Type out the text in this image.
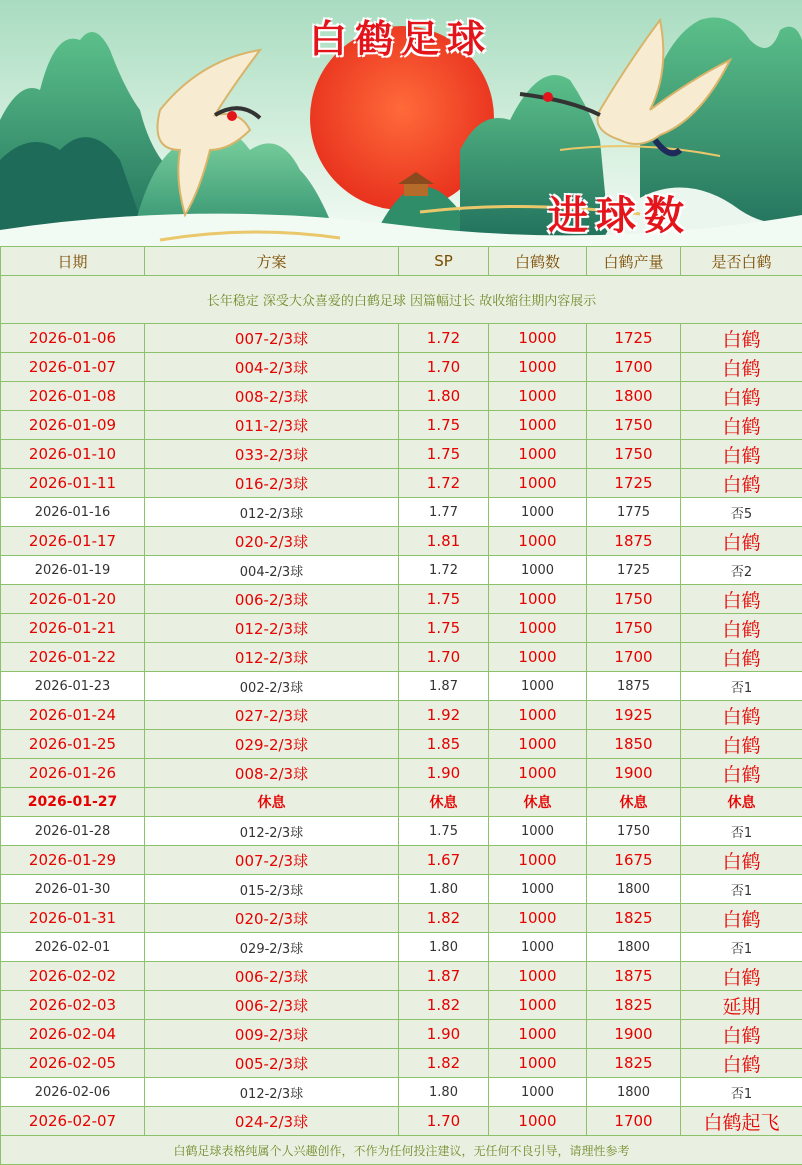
白鹤足球
进球数
日期	方案	SP	白鹤数	白鹤产量	是否白鹤
长年稳定 深受大众喜爱的白鹤足球 因篇幅过长 故收缩往期内容展示					
2026-01-06	007-2/3球	1.72	1000	1725	白鹤
2026-01-07	004-2/3球	1.70	1000	1700	白鹤
2026-01-08	008-2/3球	1.80	1000	1800	白鹤
2026-01-09	011-2/3球	1.75	1000	1750	白鹤
2026-01-10	033-2/3球	1.75	1000	1750	白鹤
2026-01-11	016-2/3球	1.72	1000	1725	白鹤
2026-01-16	012-2/3球	1.77	1000	1775	否5
2026-01-17	020-2/3球	1.81	1000	1875	白鹤
2026-01-19	004-2/3球	1.72	1000	1725	否2
2026-01-20	006-2/3球	1.75	1000	1750	白鹤
2026-01-21	012-2/3球	1.75	1000	1750	白鹤
2026-01-22	012-2/3球	1.70	1000	1700	白鹤
2026-01-23	002-2/3球	1.87	1000	1875	否1
2026-01-24	027-2/3球	1.92	1000	1925	白鹤
2026-01-25	029-2/3球	1.85	1000	1850	白鹤
2026-01-26	008-2/3球	1.90	1000	1900	白鹤
2026-01-27	休息	休息	休息	休息	休息
2026-01-28	012-2/3球	1.75	1000	1750	否1
2026-01-29	007-2/3球	1.67	1000	1675	白鹤
2026-01-30	015-2/3球	1.80	1000	1800	否1
2026-01-31	020-2/3球	1.82	1000	1825	白鹤
2026-02-01	029-2/3球	1.80	1000	1800	否1
2026-02-02	006-2/3球	1.87	1000	1875	白鹤
2026-02-03	006-2/3球	1.82	1000	1825	延期
2026-02-04	009-2/3球	1.90	1000	1900	白鹤
2026-02-05	005-2/3球	1.82	1000	1825	白鹤
2026-02-06	012-2/3球	1.80	1000	1800	否1
2026-02-07	024-2/3球	1.70	1000	1700	白鹤起飞
白鹤足球表格纯属个人兴趣创作，不作为任何投注建议，无任何不良引导，请理性参考					
